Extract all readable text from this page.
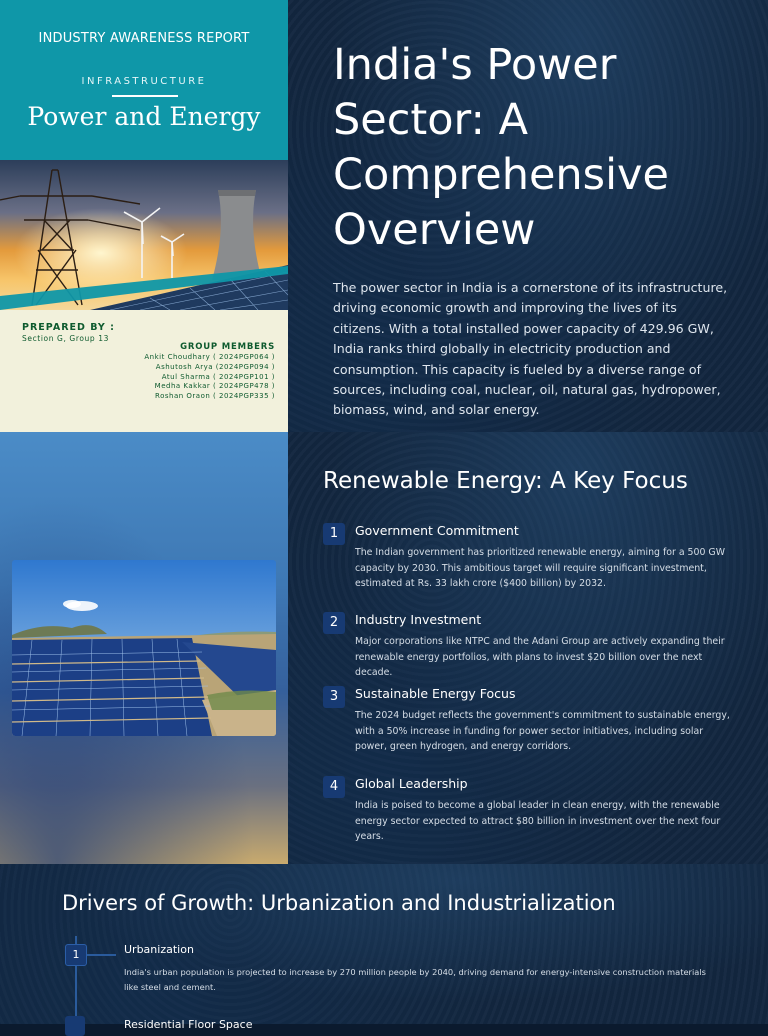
INDUSTRY AWARENESS REPORT
INFRASTRUCTURE
Power and Energy
PREPARED BY :
Section G, Group 13
GROUP MEMBERS
Ankit Choudhary ( 2024PGP064 )
Ashutosh Arya (2024PGP094 )
Atul Sharma ( 2024PGP101 )
Medha Kakkar ( 2024PGP478 )
Roshan Oraon ( 2024PGP335 )
India's Power Sector: A Comprehensive Overview
The power sector in India is a cornerstone of its infrastructure, driving economic growth and improving the lives of its citizens. With a total installed power capacity of 429.96 GW, India ranks third globally in electricity production and consumption. This capacity is fueled by a diverse range of sources, including coal, nuclear, oil, natural gas, hydropower, biomass, wind, and solar energy.
Renewable Energy: A Key Focus
1	Government Commitment
The Indian government has prioritized renewable energy, aiming for a 500 GW capacity by 2030. This ambitious target will require significant investment, estimated at Rs. 33 lakh crore ($400 billion) by 2032.
2	Industry Investment
Major corporations like NTPC and the Adani Group are actively expanding their renewable energy portfolios, with plans to invest $20 billion over the next decade.
3	Sustainable Energy Focus
The 2024 budget reflects the government's commitment to sustainable energy, with a 50% increase in funding for power sector initiatives, including solar power, green hydrogen, and energy corridors.
4	Global Leadership
India is poised to become a global leader in clean energy, with the renewable energy sector expected to attract $80 billion in investment over the next four years.
Drivers of Growth: Urbanization and Industrialization
1	Urbanization
India's urban population is projected to increase by 270 million people by 2040, driving demand for energy-intensive construction materials like steel and cement.
Residential Floor Space
